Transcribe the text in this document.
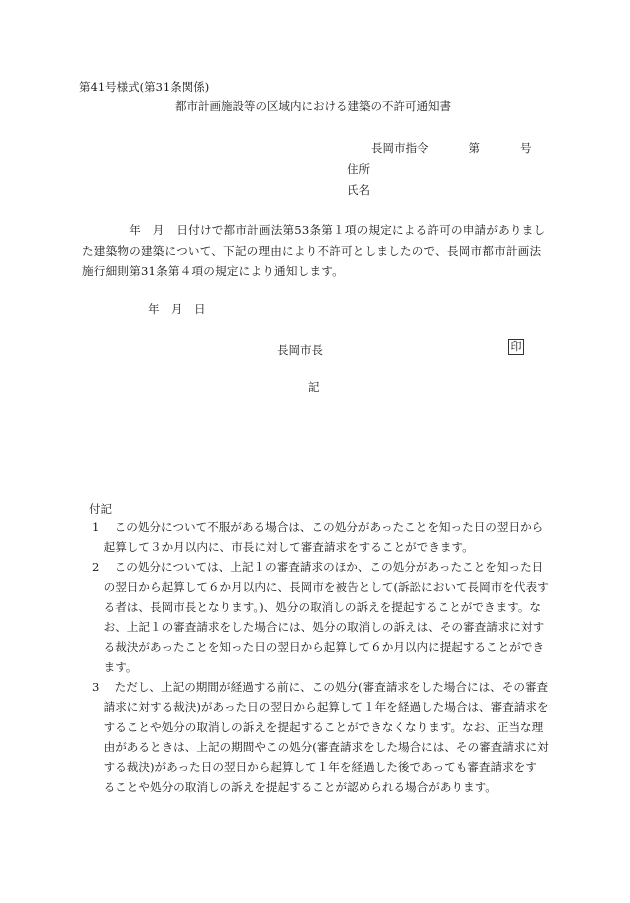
第41号様式(第31条関係)
都市計画施設等の区域内における建築の不許可通知書
長岡市指令	第	号
住所
氏名
　　　　年　月　日付けで都市計画法第53条第１項の規定による許可の申請がありまし
た建築物の建築について、下記の理由により不許可としましたので、長岡市都市計画法
施行細則第31条第４項の規定により通知します。
年　月　日
長岡市長	印
記
付記
1　 この処分について不服がある場合は、この処分があったことを知った日の翌日から
　起算して３か月以内に、市長に対して審査請求をすることができます。
2　 この処分については、上記１の審査請求のほか、この処分があったことを知った日
　の翌日から起算して６か月以内に、長岡市を被告として(訴訟において長岡市を代表す
　る者は、長岡市長となります。)、処分の取消しの訴えを提起することができます。な
　お、上記１の審査請求をした場合には、処分の取消しの訴えは、その審査請求に対す
　る裁決があったことを知った日の翌日から起算して６か月以内に提起することができ
　ます。
3　 ただし、上記の期間が経過する前に、この処分(審査請求をした場合には、その審査
　請求に対する裁決)があった日の翌日から起算して１年を経過した場合は、審査請求を
　することや処分の取消しの訴えを提起することができなくなります。なお、正当な理
　由があるときは、上記の期間やこの処分(審査請求をした場合には、その審査請求に対
　する裁決)があった日の翌日から起算して１年を経過した後であっても審査請求をす
　ることや処分の取消しの訴えを提起することが認められる場合があります。
